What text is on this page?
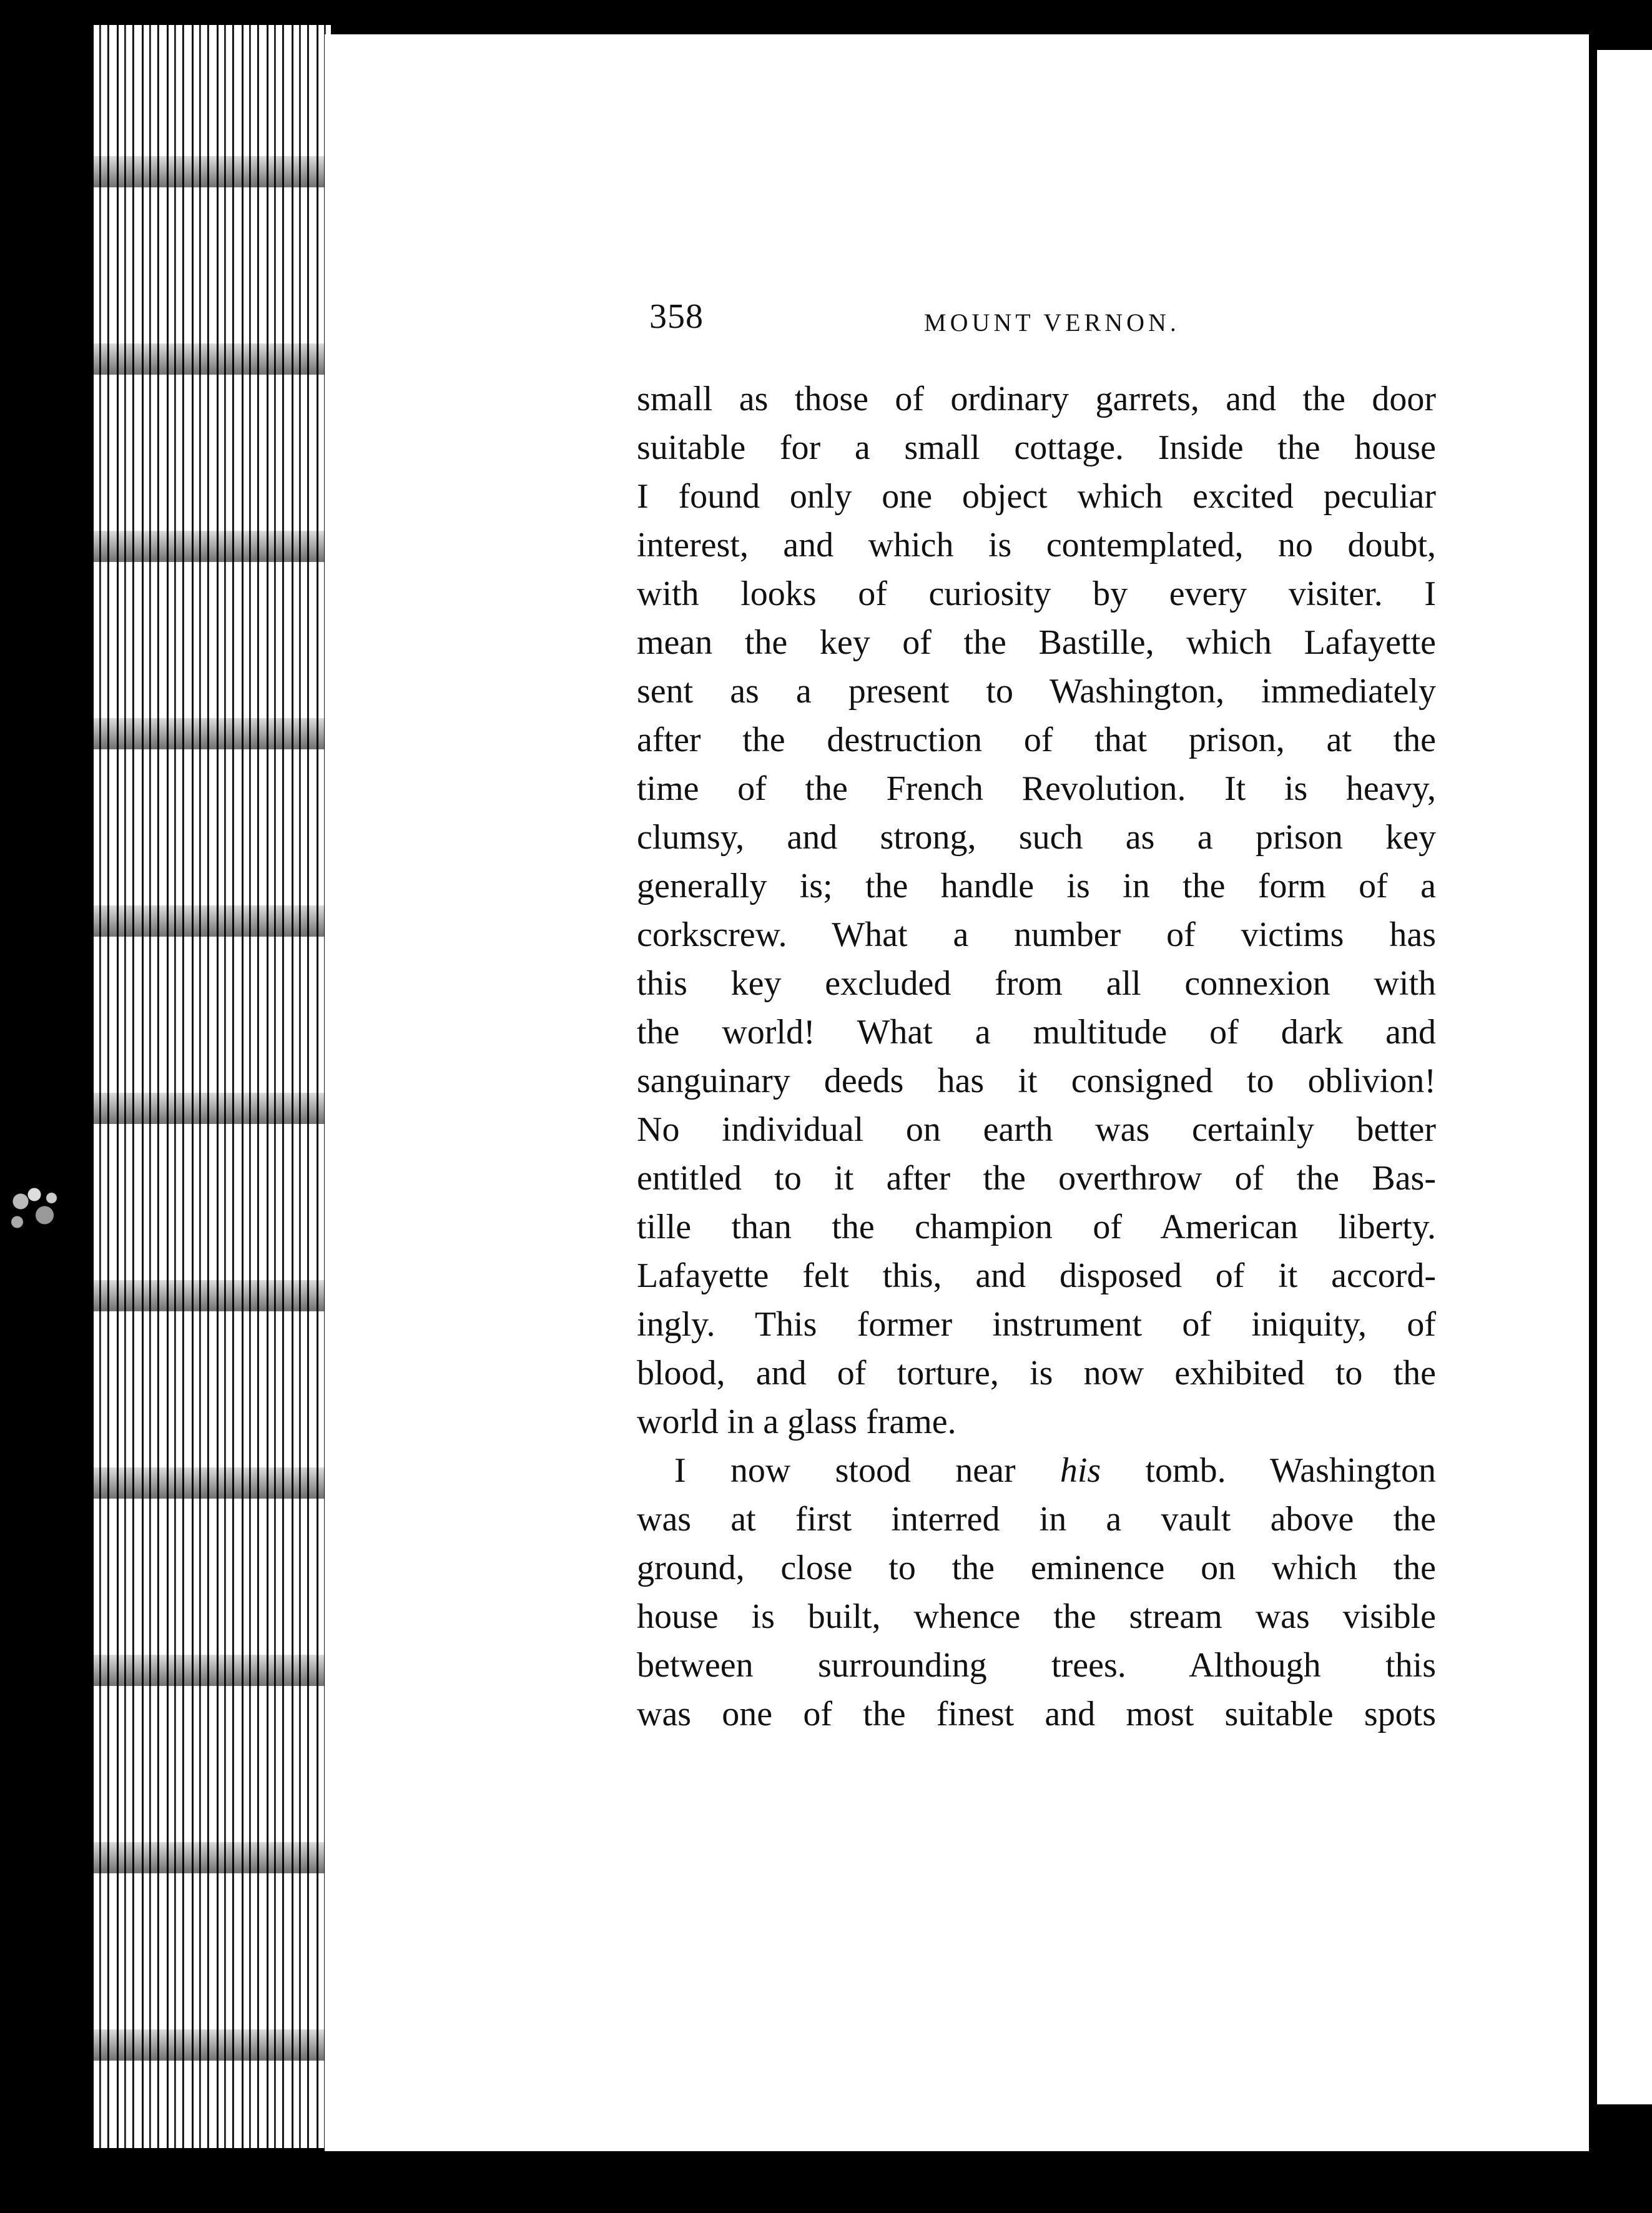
358	MOUNT VERNON.
small as those of ordinary garrets, and the door
suitable for a small cottage. Inside the house
I found only one object which excited peculiar
interest, and which is contemplated, no doubt,
with looks of curiosity by every visiter. I
mean the key of the Bastille, which Lafayette
sent as a present to Washington, immediately
after the destruction of that prison, at the
time of the French Revolution. It is heavy,
clumsy, and strong, such as a prison key
generally is; the handle is in the form of a
corkscrew. What a number of victims has
this key excluded from all connexion with
the world! What a multitude of dark and
sanguinary deeds has it consigned to oblivion!
No individual on earth was certainly better
entitled to it after the overthrow of the Bas-
tille than the champion of American liberty.
Lafayette felt this, and disposed of it accord-
ingly. This former instrument of iniquity, of
blood, and of torture, is now exhibited to the
world in a glass frame.
I now stood near his tomb. Washington
was at first interred in a vault above the
ground, close to the eminence on which the
house is built, whence the stream was visible
between surrounding trees. Although this
was one of the finest and most suitable spots
